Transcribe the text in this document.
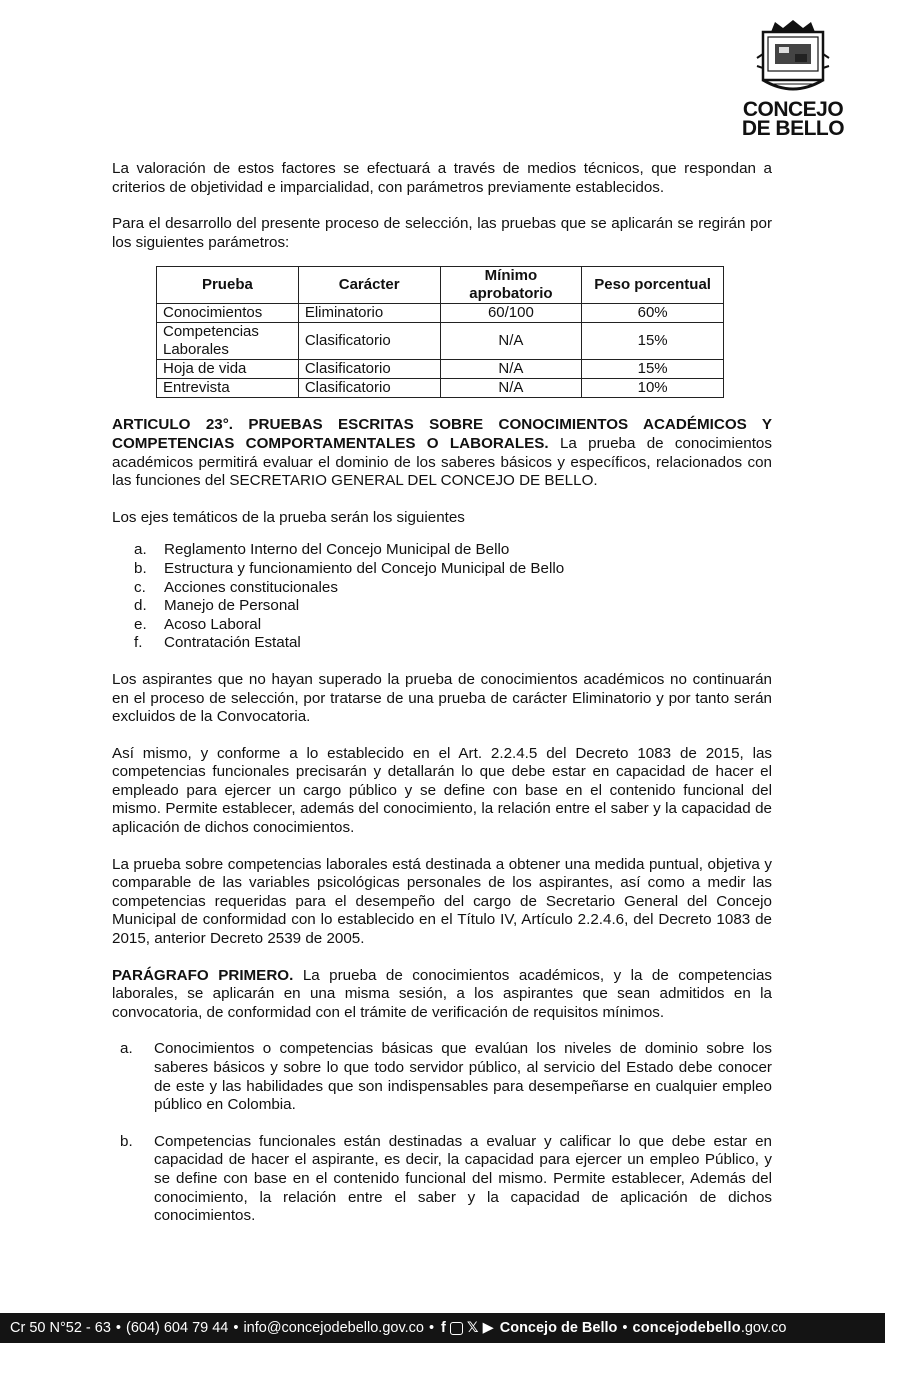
CONCEJO
DE BELLO

La valoración de estos factores se efectuará a través de medios técnicos, que respondan a criterios de objetividad e imparcialidad, con parámetros previamente establecidos.

Para el desarrollo del presente proceso de selección, las pruebas que se aplicarán se regirán por los siguientes parámetros:

Prueba	Carácter	Mínimo aprobatorio	Peso porcentual
Conocimientos	Eliminatorio	60/100	60%
Competencias Laborales	Clasificatorio	N/A	15%
Hoja de vida	Clasificatorio	N/A	15%
Entrevista	Clasificatorio	N/A	10%

ARTICULO 23°. PRUEBAS ESCRITAS SOBRE CONOCIMIENTOS ACADÉMICOS Y COMPETENCIAS COMPORTAMENTALES O LABORALES. La prueba de conocimientos académicos permitirá evaluar el dominio de los saberes básicos y específicos, relacionados con las funciones del SECRETARIO GENERAL DEL CONCEJO DE BELLO.

Los ejes temáticos de la prueba serán los siguientes

a.	Reglamento Interno del Concejo Municipal de Bello
b.	Estructura y funcionamiento del Concejo Municipal de Bello
c.	Acciones constitucionales
d.	Manejo de Personal
e.	Acoso Laboral
f.	Contratación Estatal

Los aspirantes que no hayan superado la prueba de conocimientos académicos no continuarán en el proceso de selección, por tratarse de una prueba de carácter Eliminatorio y por tanto serán excluidos de la Convocatoria.

Así mismo, y conforme a lo establecido en el Art. 2.2.4.5 del Decreto 1083 de 2015, las competencias funcionales precisarán y detallarán lo que debe estar en capacidad de hacer el empleado para ejercer un cargo público y se define con base en el contenido funcional del mismo. Permite establecer, además del conocimiento, la relación entre el saber y la capacidad de aplicación de dichos conocimientos.

La prueba sobre competencias laborales está destinada a obtener una medida puntual, objetiva y comparable de las variables psicológicas personales de los aspirantes, así como a medir las competencias requeridas para el desempeño del cargo de Secretario General del Concejo Municipal de conformidad con lo establecido en el Título IV, Artículo 2.2.4.6, del Decreto 1083 de 2015, anterior Decreto 2539 de 2005.

PARÁGRAFO PRIMERO. La prueba de conocimientos académicos, y la de competencias laborales, se aplicarán en una misma sesión, a los aspirantes que sean admitidos en la convocatoria, de conformidad con el trámite de verificación de requisitos mínimos.

a.	Conocimientos o competencias básicas que evalúan los niveles de dominio sobre los saberes básicos y sobre lo que todo servidor público, al servicio del Estado debe conocer de este y las habilidades que son indispensables para desempeñarse en cualquier empleo público en Colombia.
b.	Competencias funcionales están destinadas a evaluar y calificar lo que debe estar en capacidad de hacer el aspirante, es decir, la capacidad para ejercer un empleo Público, y se define con base en el contenido funcional del mismo. Permite establecer, Además del conocimiento, la relación entre el saber y la capacidad de aplicación de dichos conocimientos.
Cr 50 N°52 - 63 • (604) 604 79 44 • info@concejodebello.gov.co • f 𝕏 ▶ Concejo de Bello • concejodebello .gov.co
